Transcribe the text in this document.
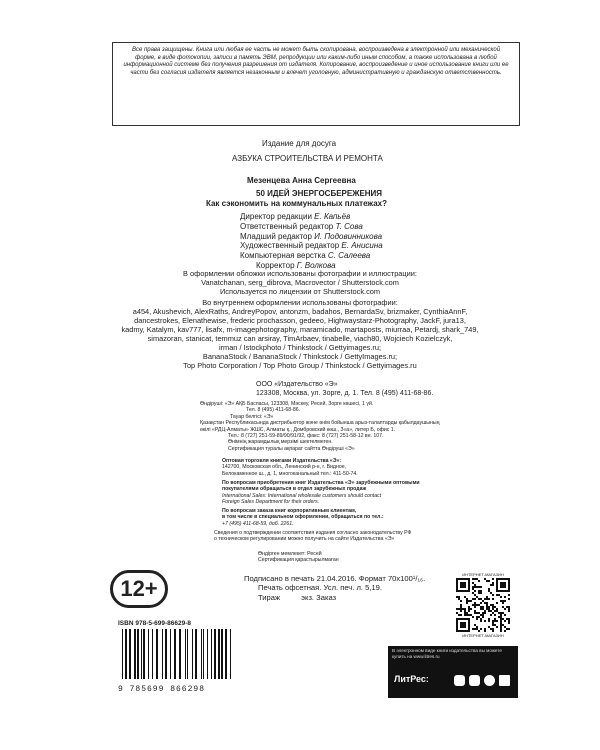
Все права защищены. Книга или любая ее часть не может быть скопирована, воспроизведена в электронной или механической форме, в виде фотокопии, записи в память ЭВМ, репродукции или каким-либо иным способом, а также использована в любой информационной системе без получения разрешения от издателя. Копирование, воспроизведение и иное использование книги или ее части без согласия издателя является незаконным и влечет уголовную, административную и гражданскую ответственность.
Издание для досуга
АЗБУКА СТРОИТЕЛЬСТВА И РЕМОНТА
Мезенцева Анна Сергеевна
50 ИДЕЙ ЭНЕРГОСБЕРЕЖЕНИЯ
Как сэкономить на коммунальных платежах?
Директор редакции Е. Капьёв
Ответственный редактор Т. Сова
Младший редактор И. Подовинникова
Художественный редактор Е. Анисина
Компьютерная верстка С. Салеева
Корректор Г. Волкова
В оформлении обложки использованы фотографии и иллюстрации:
Vanatchanan, serg_dibrova, Macrovector / Shutterstock.com
Используется по лицензии от Shutterstock.com
Во внутреннем оформлении использованы фотографии:
a454, Akushevich, AlexRaths, AndreyPopov, antonzm, badahos, BernardaSv, brizmaker, CynthiaAnnF,
dancestrokes, Elenathewise, frederic prochasson, gedeeo, Highwaystarz-Photography, JackF, jura13,
kadmy, Katalym, kav777, lisafx, m-imagephotography, maramicado, martaposts, miurraa, Petardj, shark_749,
simazoran, stanicat, temmuz can arsiray, TimArbaev, tinabelle, viach80, Wojciech Kozielczyk,
irman / Istockphoto / Thinkstock / Gettyimages.ru;
BananaStock / BananaStock / Thinkstock / GettyImages.ru;
Top Photo Corporation / Top Photo Group / Thinkstock / Gettyimages.ru
ООО «Издательство «Э»
123308, Москва, ул. Зорге, д. 1. Тел. 8 (495) 411-68-86.
Өндіруші: «Э» АҚБ Баспасы, 123308, Мәскеу, Ресей, Зорге көшесі, 1 үй.
Тел. 8 (495) 411-68-86.
Тауар белгісі: «Э»
Қазақстан Республикасында дистрибьютор және өнім бойынша арыз-талаптарды қабылдаушының
өкілі «РДЦ-Алматы» ЖШС, Алматы қ., Домбровский көш., 3«а», литер Б, офис 1.
Тел.: 8 (727) 251-59-89/90/91/92, факс: 8 (727) 251-58-12 вн. 107.
Өнімнің жарамдылық мерзімі шектелмеген.
Сертификация туралы ақпарат сайтта Өндіруші «Э»
Оптовая торговля книгами Издательства «Э»:
142700, Московская обл., Ленинский р-н, г. Видное,
Белокаменное ш., д. 1, многоканальный тел.: 411-50-74.
По вопросам приобретения книг Издательства «Э» зарубежными оптовыми
покупателями обращаться в отдел зарубежных продаж
International Sales: International wholesale customers should contact
Foreign Sales Department for their orders.
По вопросам заказа книг корпоративным клиентам,
в том числе в специальном оформлении, обращаться по тел.:
+7 (495) 411-68-59, доб. 2261.
Сведения о подтверждении соответствия издания согласно законодательству РФ
о техническом регулировании можно получить на сайте Издательства «Э»
Өндірген мемлекет: Ресей
Сертификация қарастырылмаған
Подписано в печать 21.04.2016. Формат 70x100¹/₁₆.
Печать офсетная. Усл. печ. л. 5,19.
Тираж          экз. Заказ
12+
ISBN 978-5-699-86629-8
9 785699 866298
ИНТЕРНЕТ-МАГАЗИН
ИНТЕРНЕТ-МАГАЗИН
В электронном виде книги издательства вы можете купить на www.litres.ru
ЛитРес:
